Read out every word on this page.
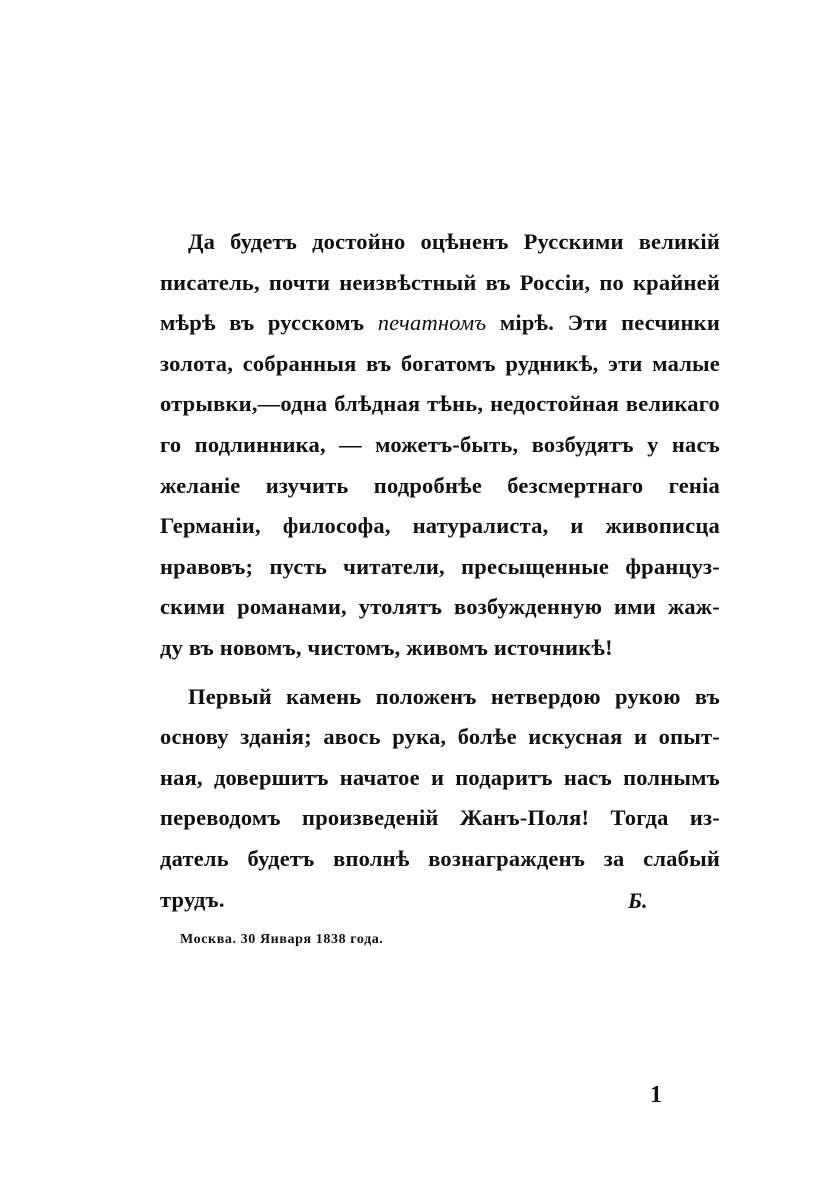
Да будетъ достойно оцѣненъ Русскими великій
писатель, почти неизвѣстный въ Россіи, по крайней
мѣрѣ въ русскомъ печатномъ мірѣ. Эти песчинки
золота, собранныя въ богатомъ рудникѣ, эти малые
отрывки,—одна блѣдная тѣнь, недостойная великаго
го подлинника, — можетъ-быть, возбудятъ у насъ
желаніе изучить подробнѣе безсмертнаго геніа
Германіи, философа, натуралиста, и живописца
нравовъ; пусть читатели, пресыщенные француз-
скими романами, утолятъ возбужденную ими жаж-
ду въ новомъ, чистомъ, живомъ источникѣ!
Первый камень положенъ нетвердою рукою въ
основу зданія; авось рука, болѣе искусная и опыт-
ная, довершитъ начатое и подаритъ насъ полнымъ
переводомъ произведеній Жанъ-Поля! Тогда из-
датель будетъ вполнѣ вознагражденъ за слабый
трудъ.	Б.
Москва. 30 Января 1838 года.
1
